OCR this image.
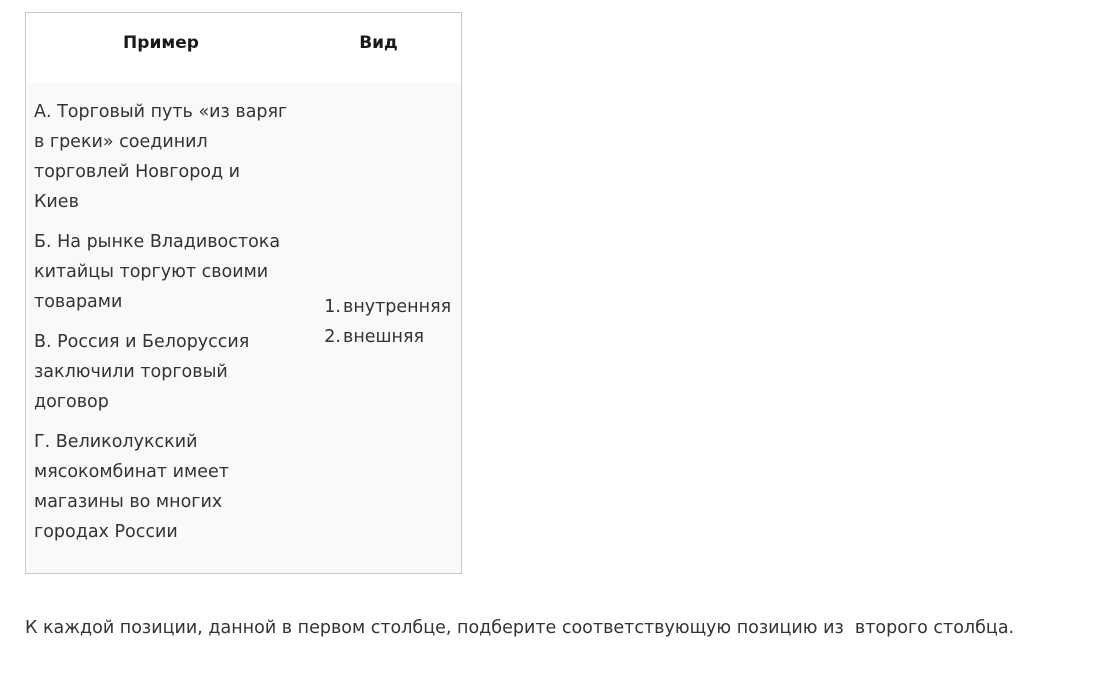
Пример	Вид
А. Торговый путь «из варяг
в греки» соединил
торговлей Новгород и
Киев
Б. На рынке Владивостока
китайцы торгуют своими
товарами
В. Россия и Белоруссия
заключили торговый
договор
Г. Великолукский
мясокомбинат имеет
магазины во многих
городах России
1. внутренняя
2. внешняя
К каждой позиции, данной в первом столбце, подберите соответствующую позицию из  второго столбца.
